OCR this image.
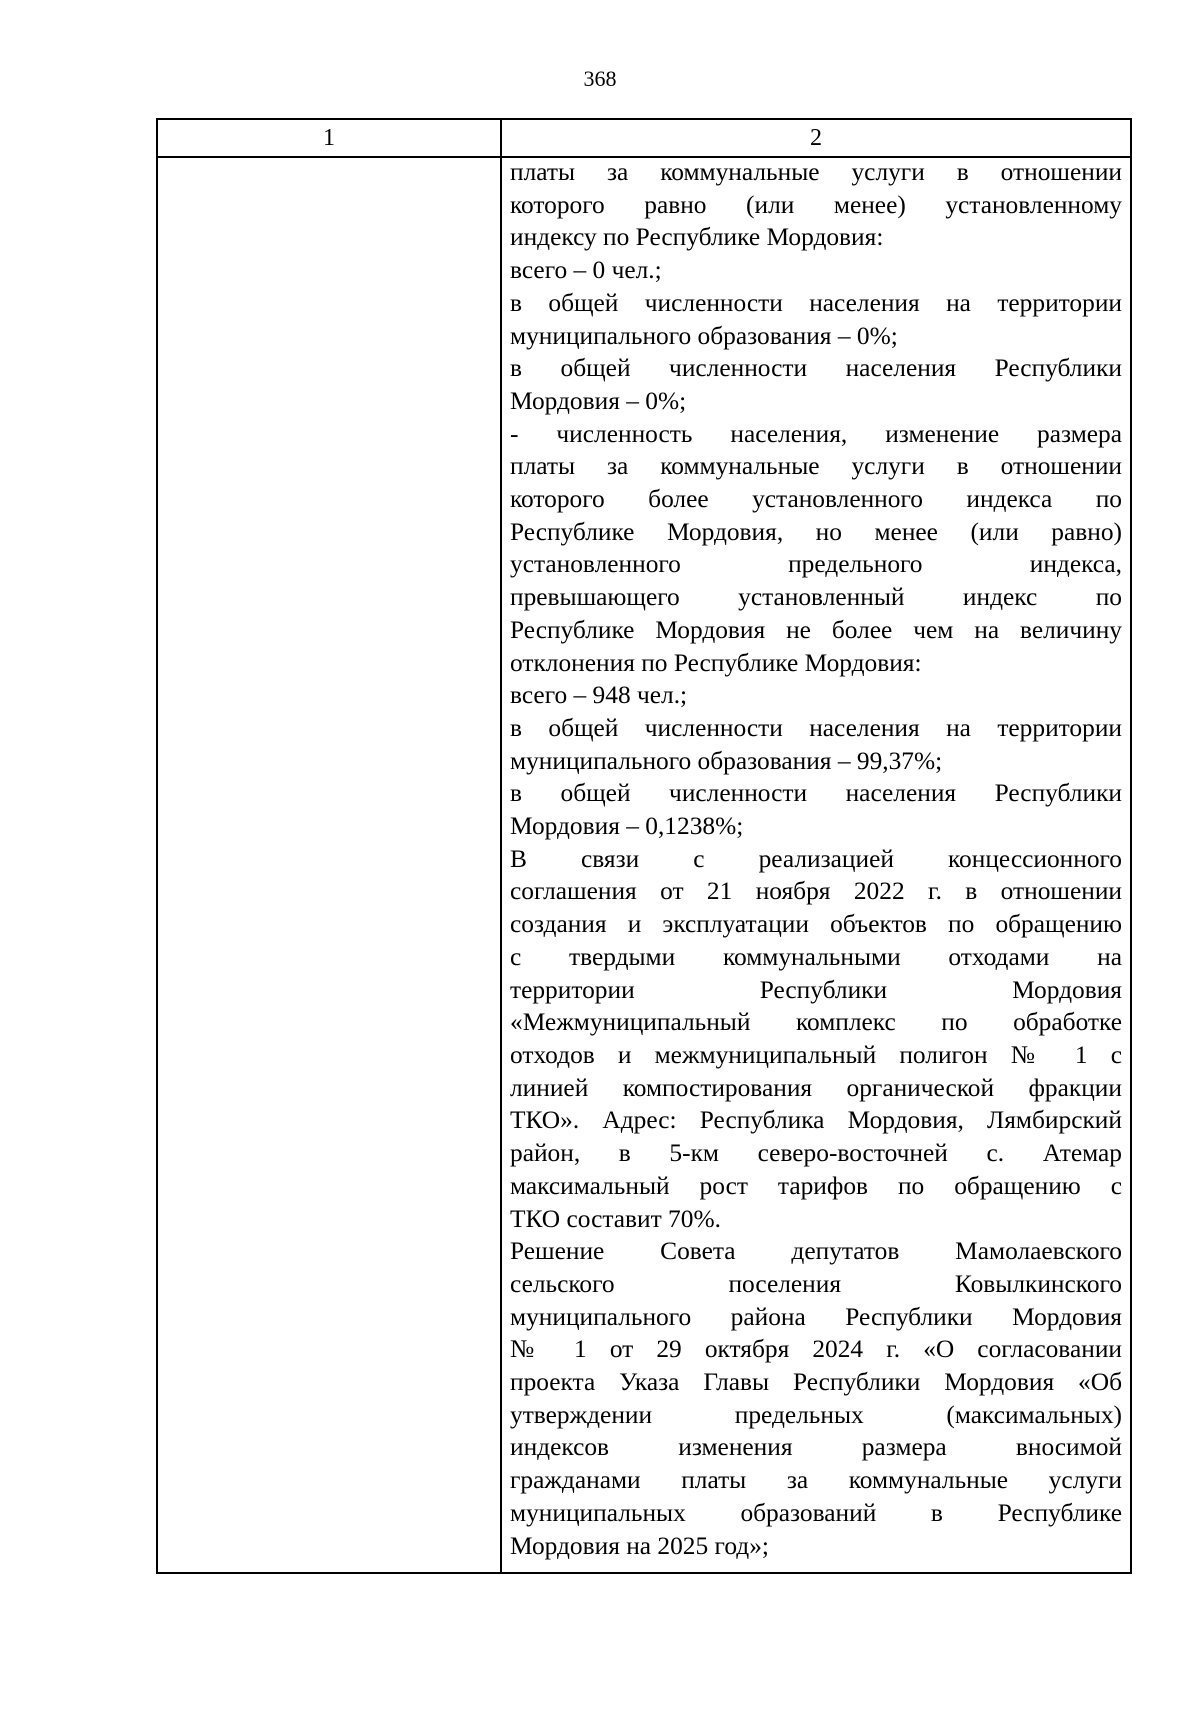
368
1	2
платы за коммунальные услуги в отношении
которого равно (или менее) установленному
индексу по Республике Мордовия:
всего – 0 чел.;
в общей численности населения на территории
муниципального образования – 0%;
в общей численности населения Республики
Мордовия – 0%;
- численность населения, изменение размера
платы за коммунальные услуги в отношении
которого более установленного индекса по
Республике Мордовия, но менее (или равно)
установленного предельного индекса,
превышающего установленный индекс по
Республике Мордовия не более чем на величину
отклонения по Республике Мордовия:
всего – 948 чел.;
в общей численности населения на территории
муниципального образования – 99,37%;
в общей численности населения Республики
Мордовия – 0,1238%;
В связи с реализацией концессионного
соглашения от 21 ноября 2022 г. в отношении
создания и эксплуатации объектов по обращению
с твердыми коммунальными отходами на
территории Республики Мордовия
«Межмуниципальный комплекс по обработке
отходов и межмуниципальный полигон № 1 с
линией компостирования органической фракции
ТКО». Адрес: Республика Мордовия, Лямбирский
район, в 5-км северо-восточней с. Атемар
максимальный рост тарифов по обращению с
ТКО составит 70%.
Решение Совета депутатов Мамолаевского
сельского поселения Ковылкинского
муниципального района Республики Мордовия
№ 1 от 29 октября 2024 г. «О согласовании
проекта Указа Главы Республики Мордовия «Об
утверждении предельных (максимальных)
индексов изменения размера вносимой
гражданами платы за коммунальные услуги
муниципальных образований в Республике
Мордовия на 2025 год»;
